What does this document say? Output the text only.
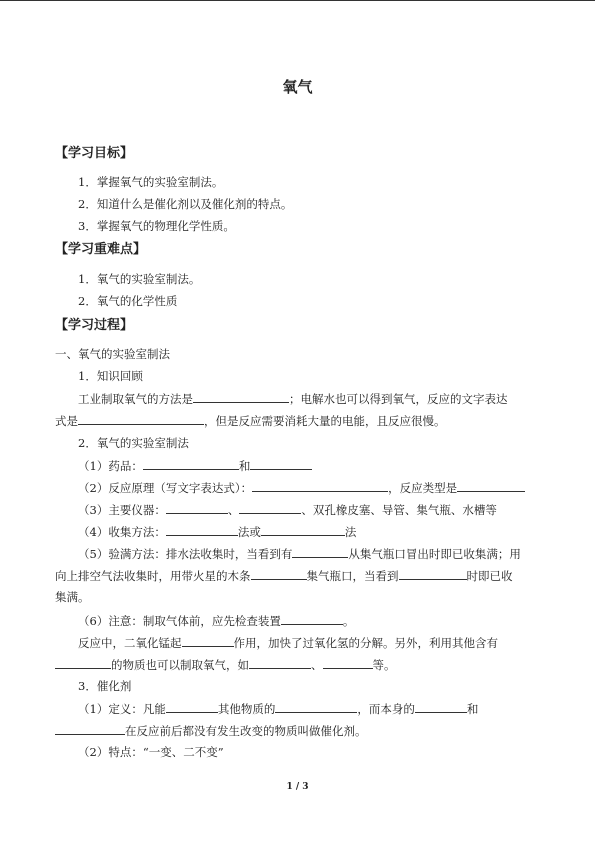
氧气
【学习目标】
1．掌握氧气的实验室制法。
2．知道什么是催化剂以及催化剂的特点。
3．掌握氧气的物理化学性质。
【学习重难点】
1．氧气的实验室制法。
2．氧气的化学性质
【学习过程】
一、氧气的实验室制法
1．知识回顾
工业制取氧气的方法是	；电解水也可以得到氧气，反应的文字表达
式是	，但是反应需要消耗大量的电能，且反应很慢。
2．氧气的实验室制法
（1）药品：	和
（2）反应原理（写文字表达式）：	，反应类型是
（3）主要仪器：	、	、双孔橡皮塞、导管、集气瓶、水槽等
（4）收集方法：	法或	法
（5）验满方法：排水法收集时，当看到有	从集气瓶口冒出时即已收集满；用
向上排空气法收集时，用带火星的木条	集气瓶口，当看到	时即已收
集满。
（6）注意：制取气体前，应先检查装置	。
反应中，二氧化锰起	作用，加快了过氧化氢的分解。另外，利用其他含有
的物质也可以制取氧气，如	、	等。
3．催化剂
（1）定义：凡能	其他物质的	，而本身的	和
在反应前后都没有发生改变的物质叫做催化剂。
（2）特点：“一变、二不变”
1 / 3
